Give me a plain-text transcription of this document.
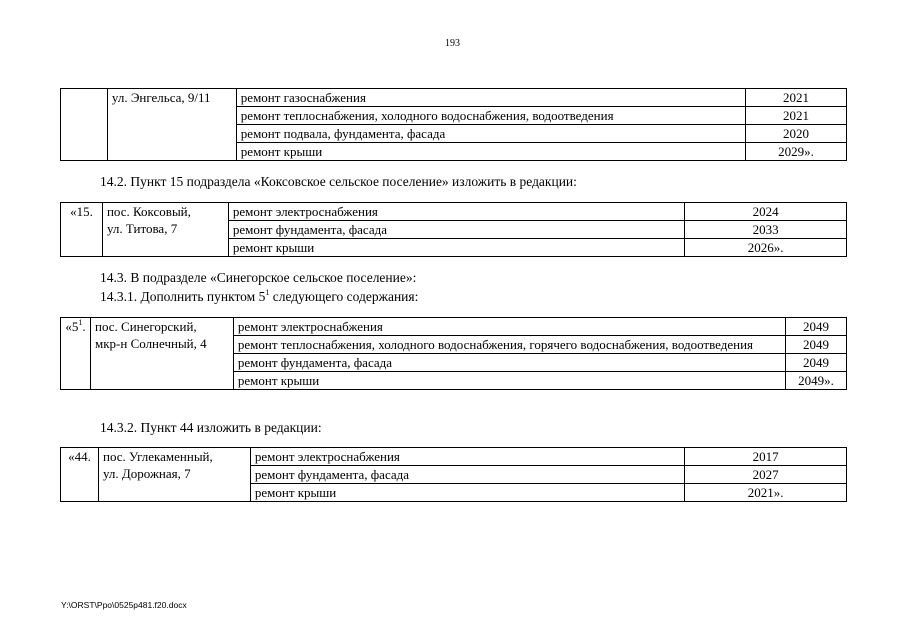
193
	ул. Энгельса, 9/11	ремонт газоснабжения	2021
		ремонт теплоснабжения, холодного водоснабжения, водоотведения	2021
		ремонт подвала, фундамента, фасада	2020
		ремонт крыши	2029».
14.2. Пункт 15 подраздела «Коксовское сельское поселение» изложить в редакции:
«15.	пос. Коксовый,
ул. Титова, 7	ремонт электроснабжения	2024
		ремонт фундамента, фасада	2033
		ремонт крыши	2026».
14.3. В подразделе «Синегорское сельское поселение»:
14.3.1. Дополнить пунктом $5^1$ следующего содержания:
«$5^1$.	пос. Синегорский,
мкр-н Солнечный, 4	ремонт электроснабжения	2049
		ремонт теплоснабжения, холодного водоснабжения, горячего водоснабжения, водоотведения	2049
		ремонт фундамента, фасада	2049
		ремонт крыши	2049».
14.3.2. Пункт 44 изложить в редакции:
«44.	пос. Углекаменный,
ул. Дорожная, 7	ремонт электроснабжения	2017
		ремонт фундамента, фасада	2027
		ремонт крыши	2021».
Y:\ORST\Ppo\0525p481.f20.docx
